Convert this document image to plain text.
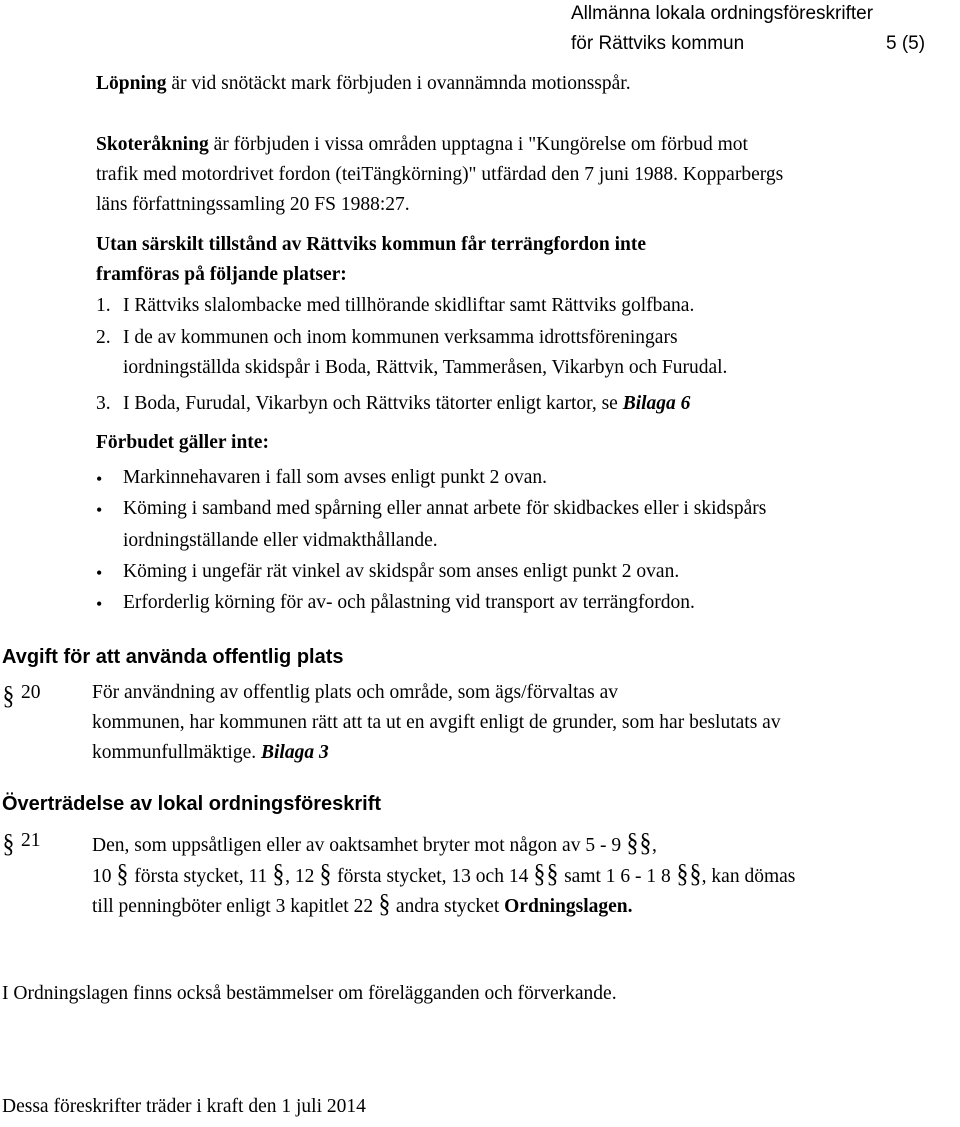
Allmänna lokala ordningsföreskrifter
för Rättviks kommun	5 (5)
Löpning är vid snötäckt mark förbjuden i ovannämnda motionsspår.
Skoteråkning är förbjuden i vissa områden upptagna i "Kungörelse om förbud mot
trafik med motordrivet fordon (teiTängkörning)" utfärdad den 7 juni 1988. Kopparbergs
läns författningssamling 20 FS 1988:27.
Utan särskilt tillstånd av Rättviks kommun får terrängfordon inte
framföras på följande platser:
1. I Rättviks slalombacke med tillhörande skidliftar samt Rättviks golfbana.
2. I de av kommunen och inom kommunen verksamma idrottsföreningars
iordningställda skidspår i Boda, Rättvik, Tammeråsen, Vikarbyn och Furudal.
3. I Boda, Furudal, Vikarbyn och Rättviks tätorter enligt kartor, se Bilaga 6
Förbudet gäller inte:
• Markinnehavaren i fall som avses enligt punkt 2 ovan.
• Köming i samband med spårning eller annat arbete för skidbackes eller i skidspårs
iordningställande eller vidmakthållande.
• Köming i ungefär rät vinkel av skidspår som anses enligt punkt 2 ovan.
• Erforderlig körning för av- och pålastning vid transport av terrängfordon.
Avgift för att använda offentlig plats
§ 20	För användning av offentlig plats och område, som ägs/förvaltas av
kommunen, har kommunen rätt att ta ut en avgift enligt de grunder, som har beslutats av
kommunfullmäktige. Bilaga 3
Överträdelse av lokal ordningsföreskrift
§ 21	Den, som uppsåtligen eller av oaktsamhet bryter mot någon av 5 - 9 §§,
10 § första stycket, 11 §, 12 § första stycket, 13 och 14 §§ samt 1 6 - 1 8 §§, kan dömas
till penningböter enligt 3 kapitlet 22 § andra stycket Ordningslagen.
I Ordningslagen finns också bestämmelser om förelägganden och förverkande.
Dessa föreskrifter träder i kraft den 1 juli 2014
